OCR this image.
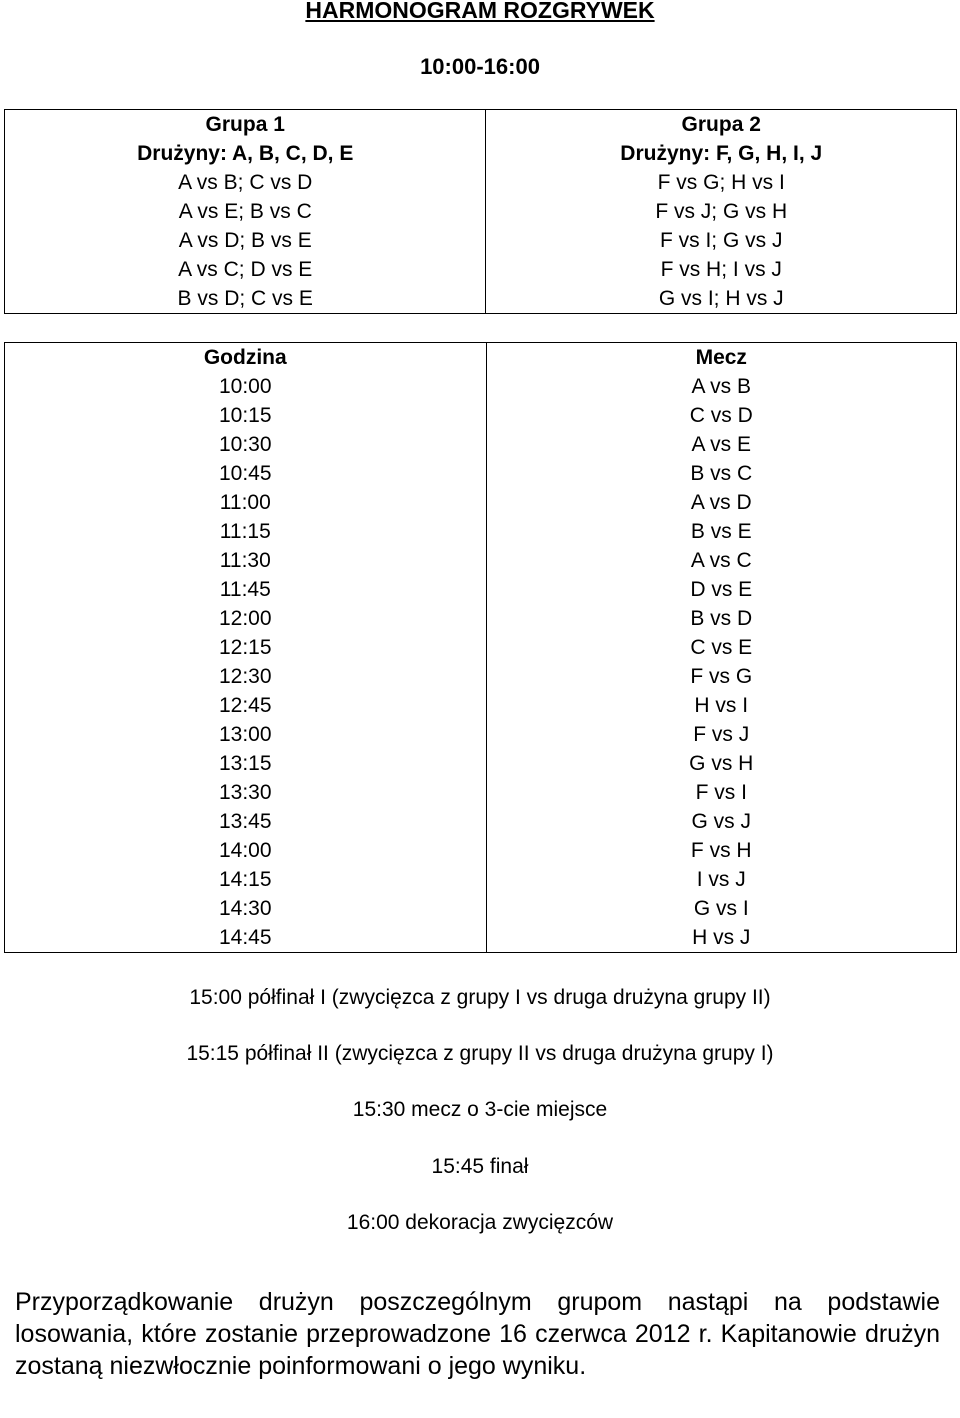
HARMONOGRAM ROZGRYWEK
10:00-16:00
Grupa 1	Grupa 2
Drużyny: A, B, C, D, E	Drużyny: F, G, H, I, J
A vs B; C vs D	F vs G; H vs I
A vs E; B vs C	F vs J; G vs H
A vs D; B vs E	F vs I; G vs J
A vs C; D vs E	F vs H; I vs J
B vs D; C vs E	G vs I; H vs J
Godzina	Mecz
10:00	A vs B
10:15	C vs D
10:30	A vs E
10:45	B vs C
11:00	A vs D
11:15	B vs E
11:30	A vs C
11:45	D vs E
12:00	B vs D
12:15	C vs E
12:30	F vs G
12:45	H vs I
13:00	F vs J
13:15	G vs H
13:30	F vs I
13:45	G vs J
14:00	F vs H
14:15	I vs J
14:30	G vs I
14:45	H vs J
15:00 półfinał I (zwycięzca z grupy I vs druga drużyna grupy II)
15:15 półfinał II (zwycięzca z grupy II vs druga drużyna grupy I)
15:30 mecz o 3-cie miejsce
15:45 finał
16:00 dekoracja zwycięzców
Przyporządkowanie drużyn poszczególnym grupom nastąpi na podstawie losowania, które zostanie przeprowadzone 16 czerwca 2012 r. Kapitanowie drużyn zostaną niezwłocznie poinformowani o jego wyniku.
